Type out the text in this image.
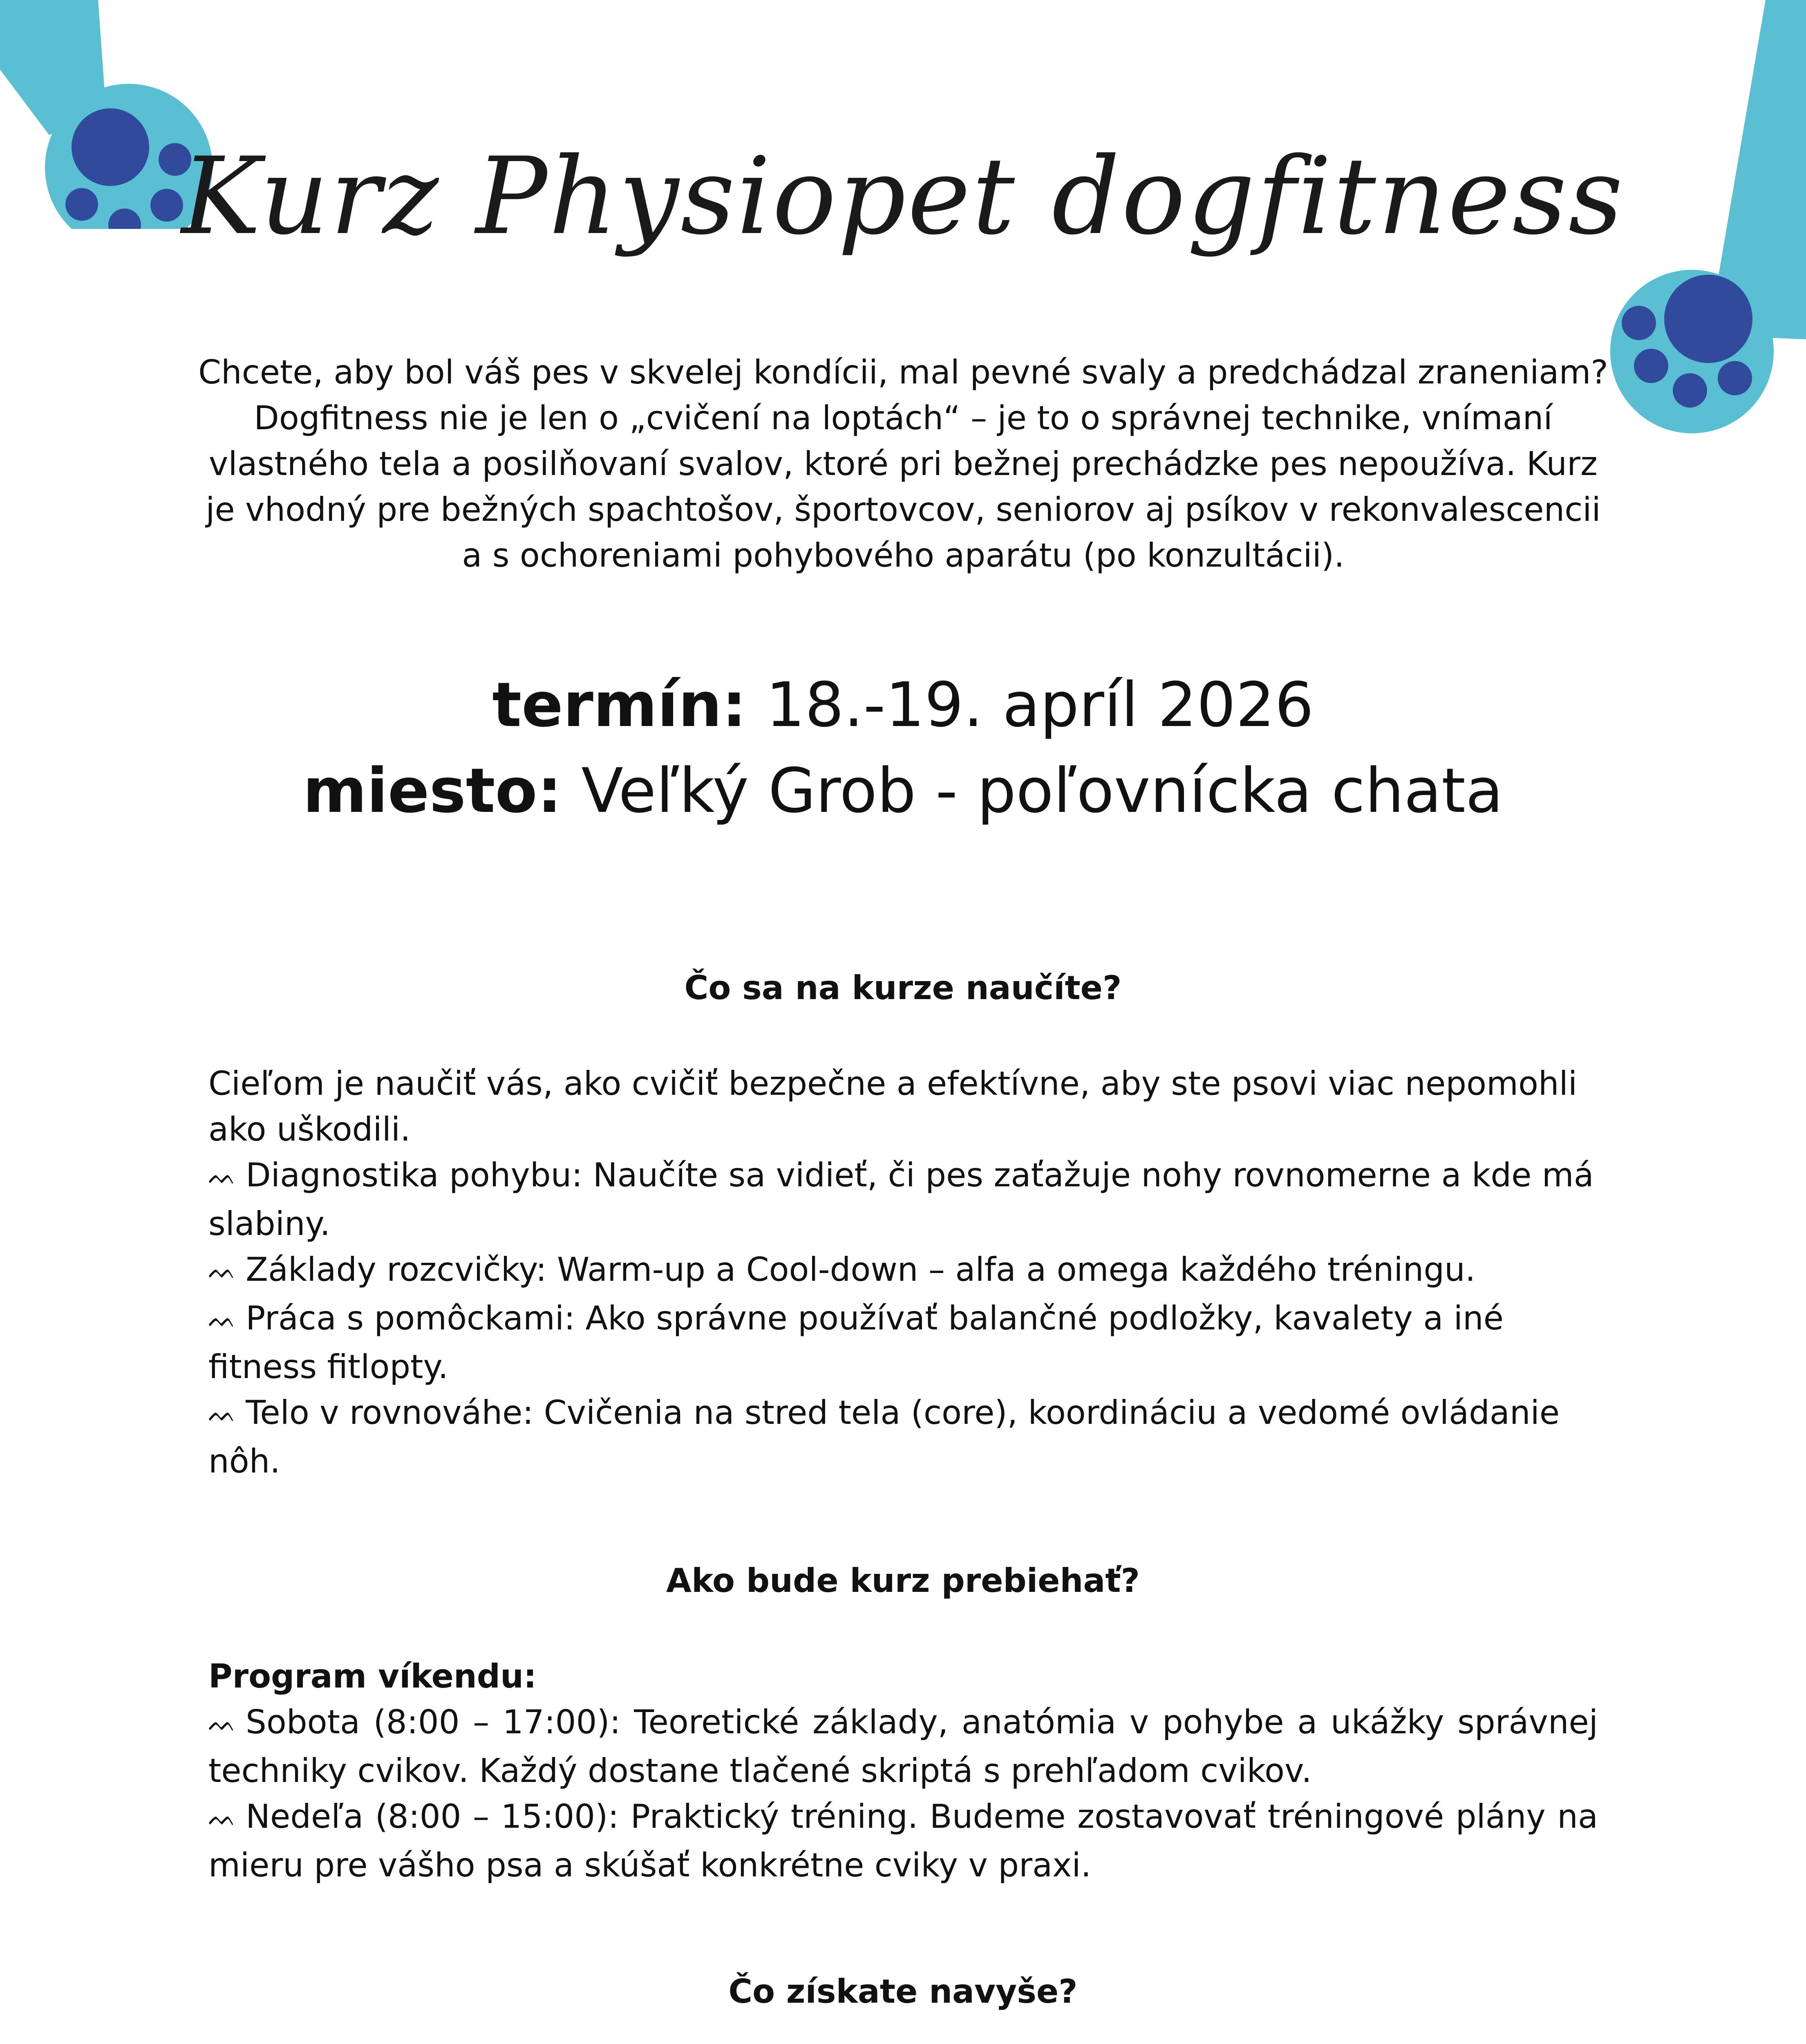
Kurz Physiopet dogfitness
Chcete, aby bol váš pes v skvelej kondícii, mal pevné svaly a predchádzal zraneniam? Dogfitness nie je len o „cvičení na loptách“ – je to o správnej technike, vnímaní vlastného tela a posilňovaní svalov, ktoré pri bežnej prechádzke pes nepoužíva. Kurz je vhodný pre bežných spachtošov, športovcov, seniorov aj psíkov v rekonvalescencii a s ochoreniami pohybového aparátu (po konzultácii).
termín: 18.-19. apríl 2026
miesto: Veľký Grob - poľovnícka chata
Čo sa na kurze naučíte?
Cieľom je naučiť vás, ako cvičiť bezpečne a efektívne, aby ste psovi viac nepomohli ako uškodili.
ᨓ Diagnostika pohybu: Naučíte sa vidieť, či pes zaťažuje nohy rovnomerne a kde má slabiny.
ᨓ Základy rozcvičky: Warm-up a Cool-down – alfa a omega každého tréningu.
ᨓ Práca s pomôckami: Ako správne používať balančné podložky, kavalety a iné fitness fitlopty.
ᨓ Telo v rovnováhe: Cvičenia na stred tela (core), koordináciu a vedomé ovládanie nôh.
Ako bude kurz prebiehať?
Program víkendu:
ᨓ Sobota (8:00 – 17:00): Teoretické základy, anatómia v pohybe a ukážky správnej techniky cvikov. Každý dostane tlačené skriptá s prehľadom cvikov.
ᨓ Nedeľa (8:00 – 15:00): Praktický tréning. Budeme zostavovať tréningové plány na mieru pre vášho psa a skúšať konkrétne cviky v praxi.
Čo získate navyše?
